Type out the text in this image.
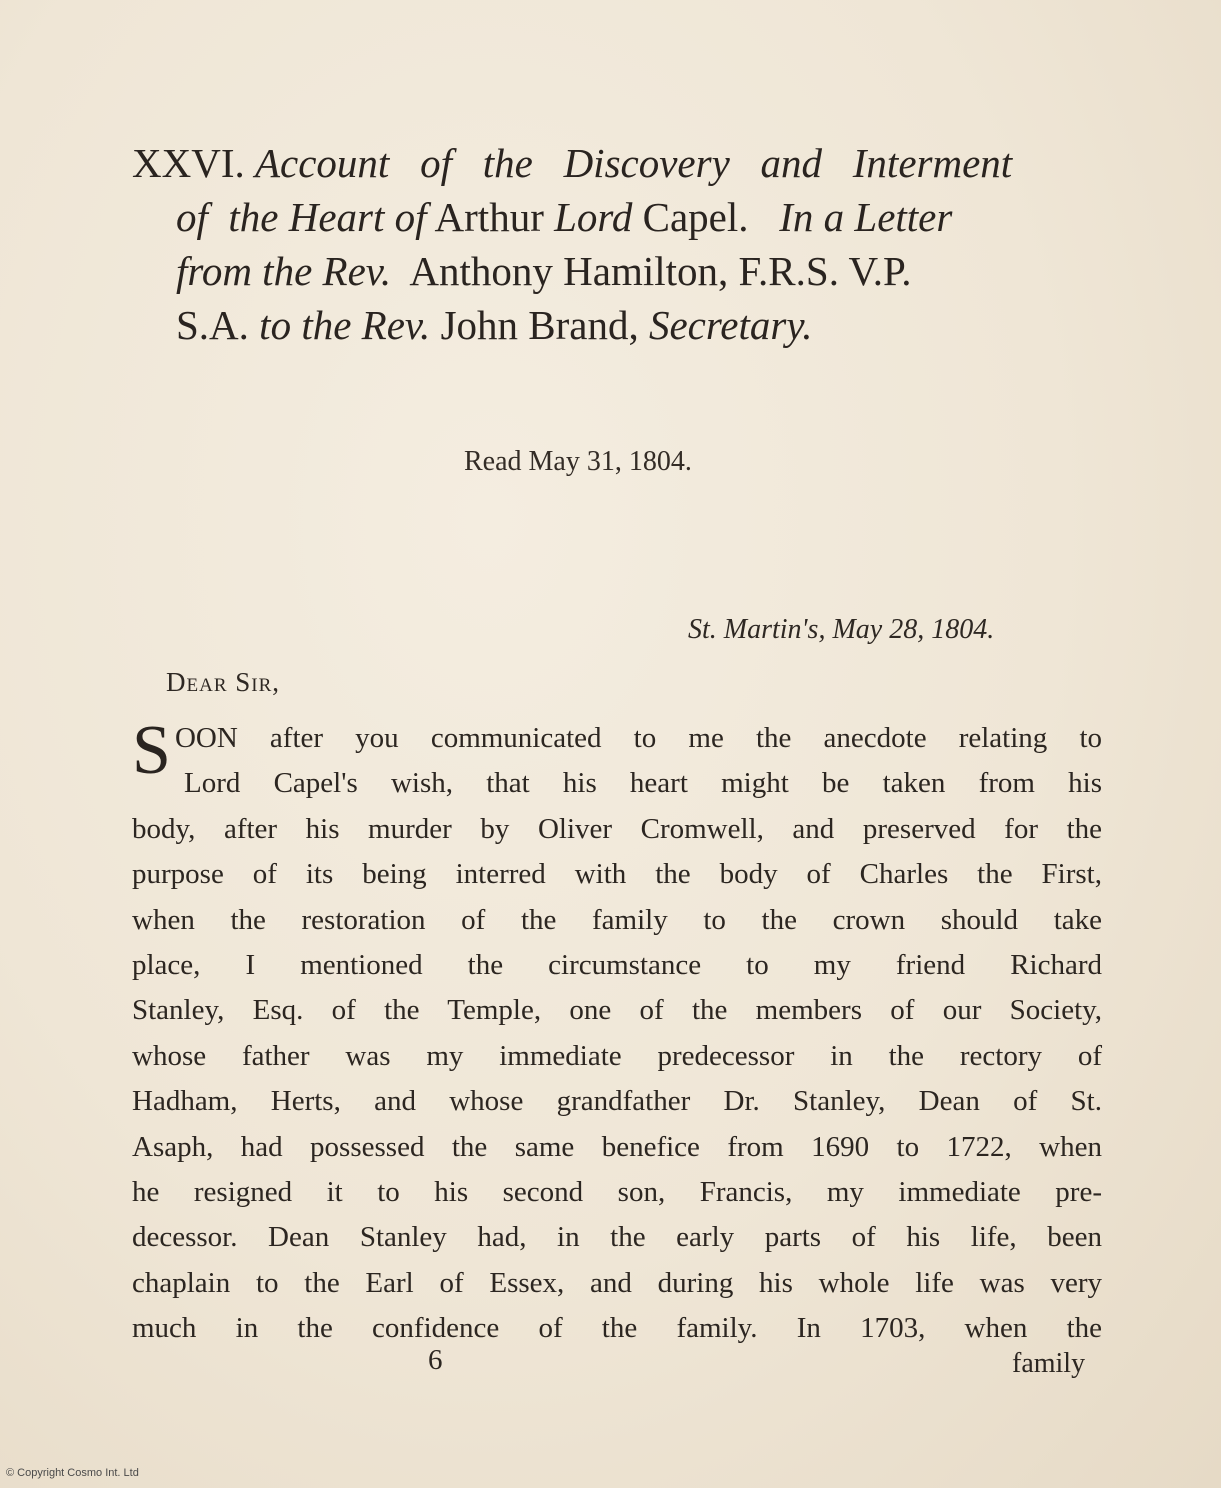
XXVI. Account of the Discovery and Interment
of the Heart of Arthur Lord Capel. In a Letter
from the Rev. Anthony Hamilton, F.R.S. V.P.
S.A. to the Rev. John Brand, Secretary.
Read May 31, 1804.
St. Martin's, May 28, 1804.
Dear Sir,
S OON after you communicated to me the anecdote relating to
Lord Capel's wish, that his heart might be taken from his
body, after his murder by Oliver Cromwell, and preserved for the
purpose of its being interred with the body of Charles the First,
when the restoration of the family to the crown should take
place, I mentioned the circumstance to my friend Richard
Stanley, Esq. of the Temple, one of the members of our Society,
whose father was my immediate predecessor in the rectory of
Hadham, Herts, and whose grandfather Dr. Stanley, Dean of St.
Asaph, had possessed the same benefice from 1690 to 1722, when
he resigned it to his second son, Francis, my immediate pre-
decessor. Dean Stanley had, in the early parts of his life, been
chaplain to the Earl of Essex, and during his whole life was very
much in the confidence of the family. In 1703, when the
6	family
© Copyright Cosmo Int. Ltd
